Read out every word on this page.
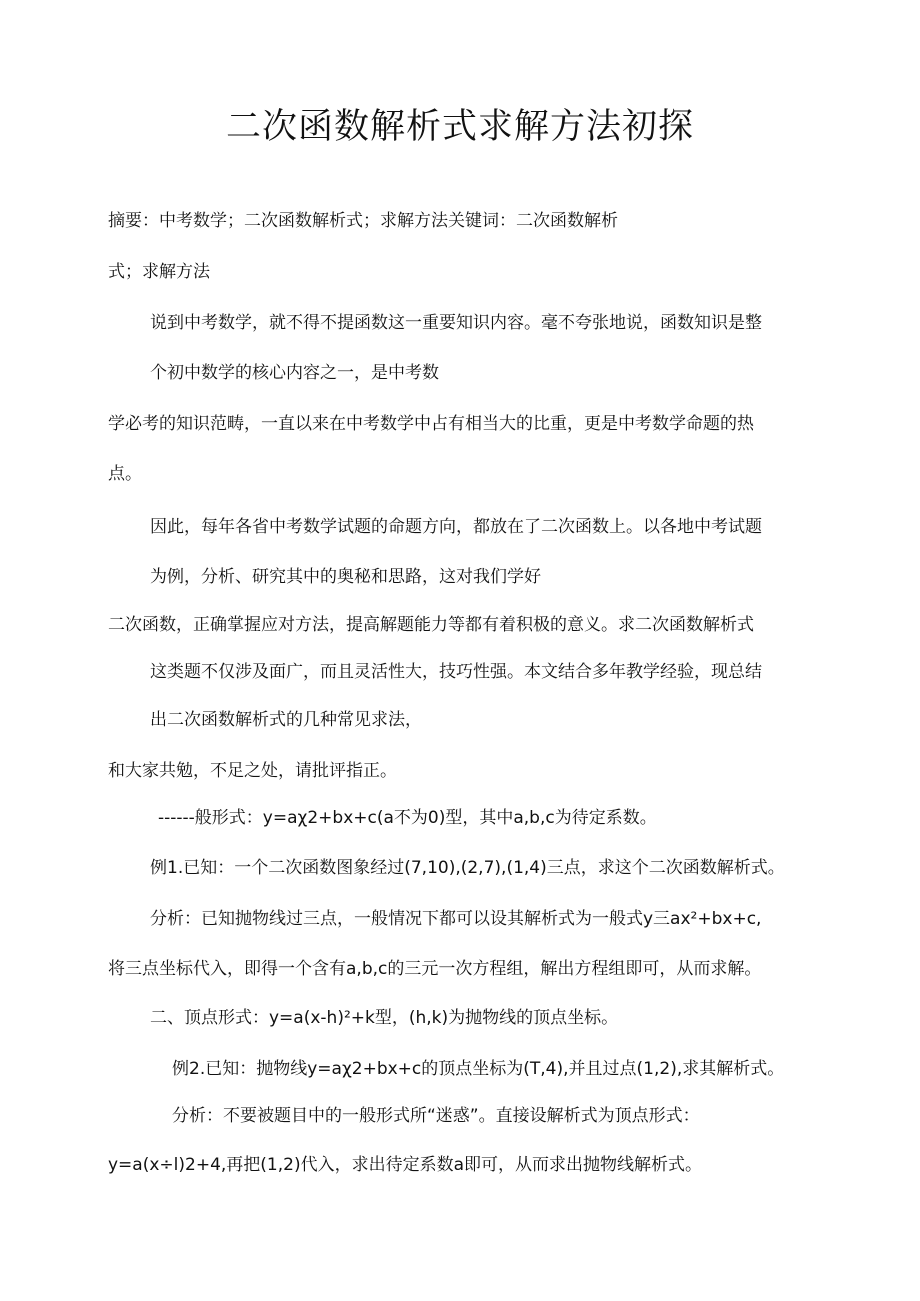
二次函数解析式求解方法初探
摘要：中考数学；二次函数解析式；求解方法关键词：二次函数解析
式；求解方法
说到中考数学，就不得不提函数这一重要知识内容。毫不夸张地说，函数知识是整
个初中数学的核心内容之一，是中考数
学必考的知识范畴，一直以来在中考数学中占有相当大的比重，更是中考数学命题的热
点。
因此，每年各省中考数学试题的命题方向，都放在了二次函数上。以各地中考试题
为例，分析、研究其中的奥秘和思路，这对我们学好
二次函数，正确掌握应对方法，提高解题能力等都有着积极的意义。求二次函数解析式
这类题不仅涉及面广，而且灵活性大，技巧性强。本文结合多年教学经验，现总结
出二次函数解析式的几种常见求法，
和大家共勉，不足之处，请批评指正。
------般形式：y=aχ2+bx+c(a不为0)型，其中a,b,c为待定系数。
例1.已知：一个二次函数图象经过(7,10),(2,7),(1,4)三点，求这个二次函数解析式。
分析：已知抛物线过三点，一般情况下都可以设其解析式为一般式y三ax²+bx+c,
将三点坐标代入，即得一个含有a,b,c的三元一次方程组，解出方程组即可，从而求解。
二、顶点形式：y=a(x-h)²+k型，(h,k)为抛物线的顶点坐标。
例2.已知：抛物线y=aχ2+bx+c的顶点坐标为(T,4),并且过点(1,2),求其解析式。
分析：不要被题目中的一般形式所“迷惑”。直接设解析式为顶点形式：
y=a(x÷l)2+4,再把(1,2)代入，求出待定系数a即可，从而求出抛物线解析式。
